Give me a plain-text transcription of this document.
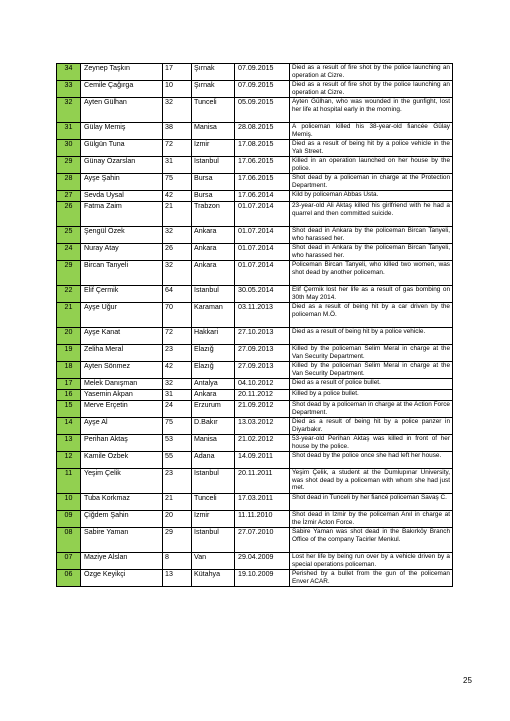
34	Zeynep Taşkın	17	Şırnak	07.09.2015	Died as a result of fire shot by the police launching an operation at Cizre.
33	Cemile Çağırga	10	Şırnak	07.09.2015	Died as a result of fire shot by the police launching an operation at Cizre.
32	Ayten Gülhan	32	Tunceli	05.09.2015	Ayten Gülhan, who was wounded in the gunfight, lost her life at hospital early in the morning.
31	Gülay Memiş	38	Manisa	28.08.2015	A policeman killed his 38-year-old fiancée Gülay Memiş.
30	Gülgün Tuna	72	İzmir	17.08.2015	Died as a result of being hit by a police vehicle in the Yalı Street.
29	Günay Özarslan	31	İstanbul	17.06.2015	Killed in an operation launched on her house by the police.
28	Ayşe Şahin	75	Bursa	17.06.2015	Shot dead by a policeman in charge at the Protection Department.
27	Sevda Uysal	42	Bursa	17.06.2014	Kild by policeman Abbas Usta.
26	Fatma Zaim	21	Trabzon	01.07.2014	23-year-old Ali Aktaş killed his girlfriend with he had a quarrel and then committed suicide.
25	Şengül Özek	32	Ankara	01.07.2014	Shot dead in Ankara by the policeman Bircan Tanyeli, who harassed her.
24	Nuray Atay	26	Ankara	01.07.2014	Shot dead in Ankara by the policeman Bircan Tanyeli, who harassed her.
29	Bircan Tanyeli	32	Ankara	01.07.2014	Policeman Bircan Tanyeli, who killed two women, was shot dead by another policeman.
22	Elif Çermik	64	İstanbul	30.05.2014	Elif Çermik lost her life as a result of gas bombing on 30th May 2014.
21	Ayşe Uğur	70	Karaman	03.11.2013	Died as a result of being hit by a car driven by the policeman M.Ö.
20	Ayşe Kanat	72	Hakkari	27.10.2013	Died as a result of being hit by a police vehicle.
19	Zeliha Meral	23	Elazığ	27.09.2013	Killed by the policeman Selim Meral in charge at the Van Security Department.
18	Ayten Sönmez	42	Elazığ	27.09.2013	Killed by the policeman Selim Meral in charge at the Van Security Department.
17	Melek Danışman	32	Antalya	04.10.2012	Died as a result of police bullet.
16	Yasemin Akpan	31	Ankara	20.11.2012	Killed by a police bullet.
15	Merve Erçetin	24	Erzurum	21.09.2012	Shot dead by a policeman in charge at the Action Force Department.
14	Ayşe Al	75	D.Bakır	13.03.2012	Died as a result of being hit by a police panzer in Diyarbakır.
13	Perihan Aktaş	53	Manisa	21.02.2012	53-year-old Perihan Aktaş was killed in front of her house by the police.
12	Kamile Özbek	55	Adana	14.09.2011	Shot dead by the police once she had left her house.
11	Yeşim Çelik	23	İstanbul	20.11.2011	Yeşim Çelik, a student at the Dumlupınar University, was shot dead by a policeman with whom she had just met.
10	Tuba Korkmaz	21	Tunceli	17.03.2011	Shot dead in Tunceli by her fiancé policeman Savaş C.
09	Çiğdem Şahin	20	İzmir	11.11.2010	Shot dead in İzmir by the policeman Anıl in charge at the İzmir Acton Force.
08	Sabire Yaman	29	İstanbul	27.07.2010	Sabire Yaman was shot dead in the Bakırköy Branch Office of the company Tacirler Menkul.
07	Maziye Alslan	8	Van	29.04.2009	Lost her life by being run over by a vehicle driven by a special operations policeman.
06	Özge Keyikçi	13	Kütahya	19.10.2009	Perished by a bullet from the gun of the policeman Enver ACAR.
25
